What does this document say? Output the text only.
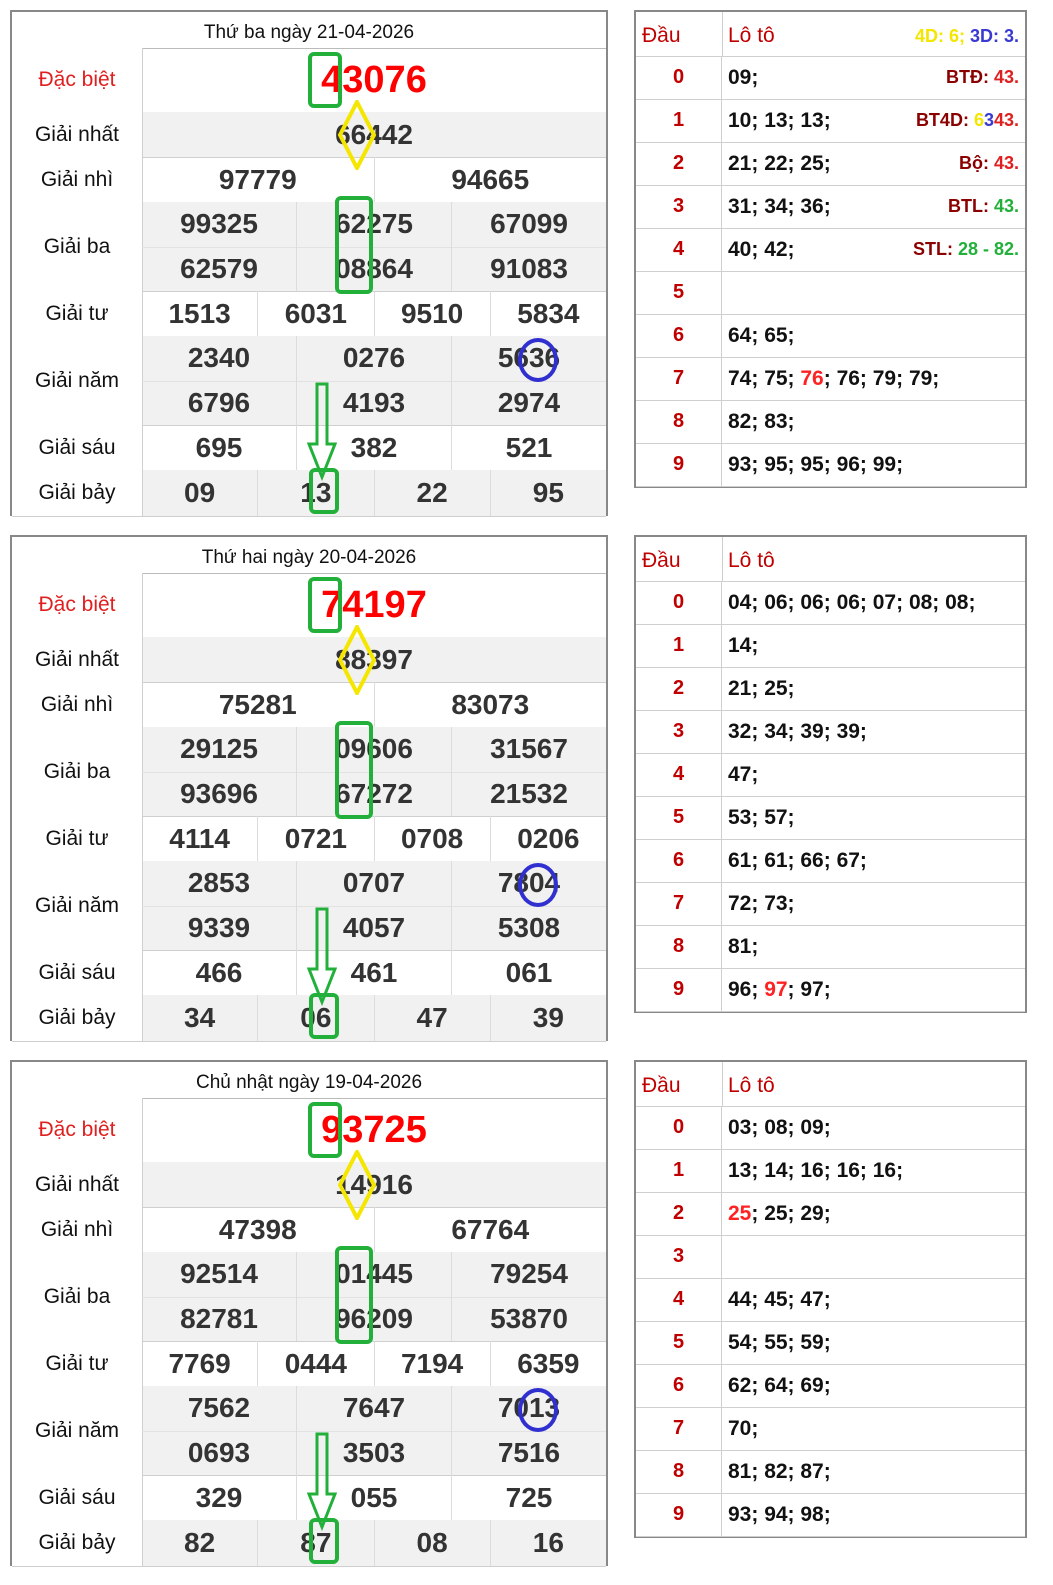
Thứ ba ngày 21-04-2026
Đặc biệt	43076
Giải nhất	66442
Giải nhì	97779	94665
Giải ba
99325	62275	67099
62579	08864	91083
Giải tư	1513	6031	9510	5834
Giải năm
2340	0276	5636
6796	4193	2974
Giải sáu	695	382	521
Giải bảy	09	13	22	95
Đầu	Lô tô	4D: 6; 3D: 3.
0	09;	BTĐ: 43.
1	10; 13; 13;	BT4D: 6343.
2	21; 22; 25;	Bộ: 43.
3	31; 34; 36;	BTL: 43.
4	40; 42;	STL: 28 - 82.
5
6	64; 65;
7	74; 75; 76; 76; 79; 79;
8	82; 83;
9	93; 95; 95; 96; 99;
Thứ hai ngày 20-04-2026
Đặc biệt	74197
Giải nhất	88397
Giải nhì	75281	83073
Giải ba
29125	09606	31567
93696	67272	21532
Giải tư	4114	0721	0708	0206
Giải năm
2853	0707	7804
9339	4057	5308
Giải sáu	466	461	061
Giải bảy	34	06	47	39
Đầu	Lô tô
0	04; 06; 06; 06; 07; 08; 08;
1	14;
2	21; 25;
3	32; 34; 39; 39;
4	47;
5	53; 57;
6	61; 61; 66; 67;
7	72; 73;
8	81;
9	96; 97; 97;
Chủ nhật ngày 19-04-2026
Đặc biệt	93725
Giải nhất	14916
Giải nhì	47398	67764
Giải ba
92514	01445	79254
82781	96209	53870
Giải tư	7769	0444	7194	6359
Giải năm
7562	7647	7013
0693	3503	7516
Giải sáu	329	055	725
Giải bảy	82	87	08	16
Đầu	Lô tô
0	03; 08; 09;
1	13; 14; 16; 16; 16;
2	25; 25; 29;
3
4	44; 45; 47;
5	54; 55; 59;
6	62; 64; 69;
7	70;
8	81; 82; 87;
9	93; 94; 98;
